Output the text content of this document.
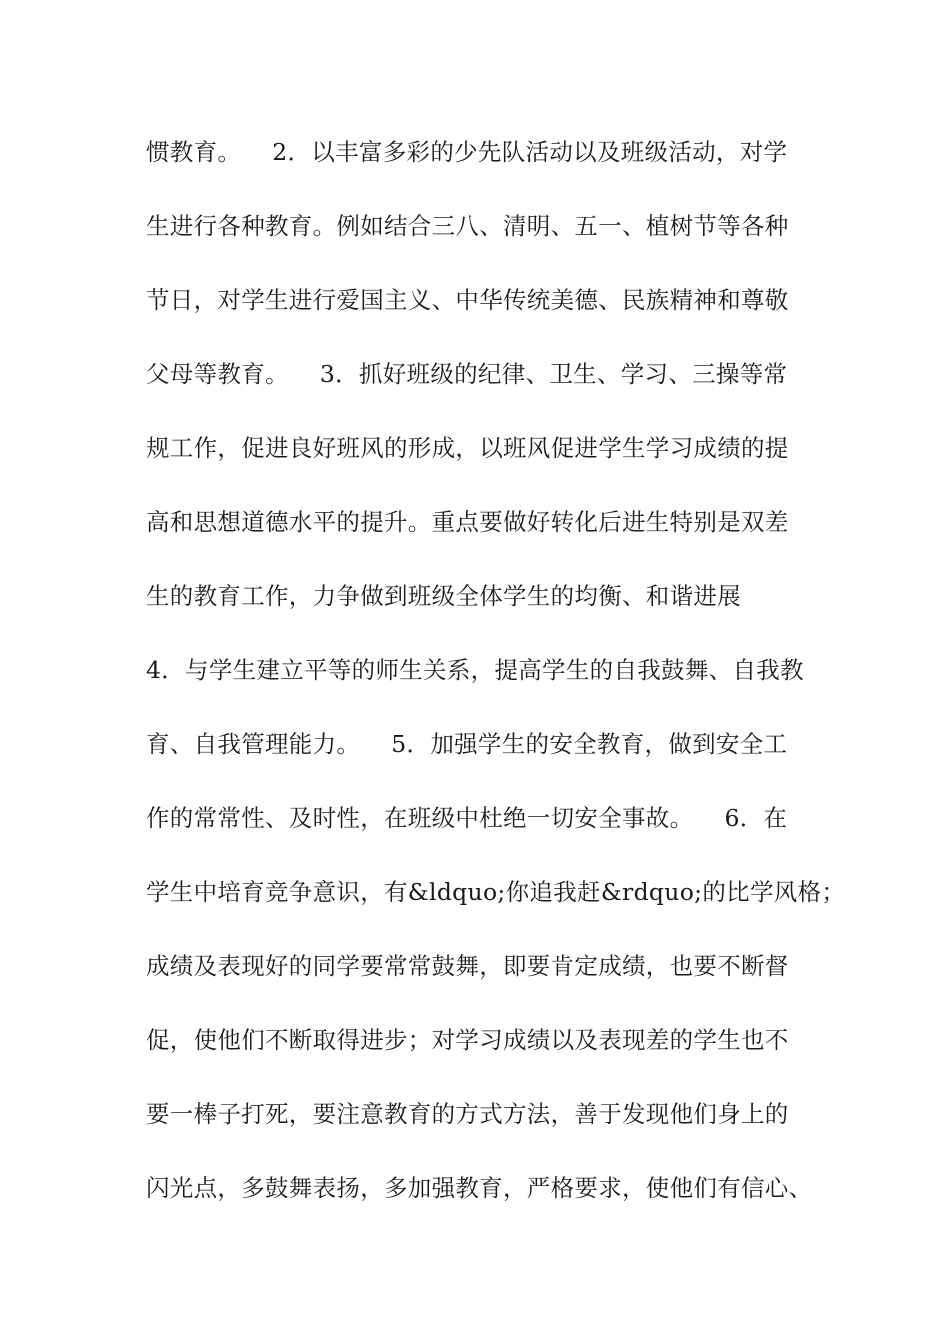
惯教育。    2．以丰富多彩的少先队活动以及班级活动，对学
生进行各种教育。例如结合三八、清明、五一、植树节等各种
节日，对学生进行爱国主义、中华传统美德、民族精神和尊敬
父母等教育。    3．抓好班级的纪律、卫生、学习、三操等常
规工作，促进良好班风的形成，以班风促进学生学习成绩的提
高和思想道德水平的提升。重点要做好转化后进生特别是双差
生的教育工作，力争做到班级全体学生的均衡、和谐进展
4．与学生建立平等的师生关系，提高学生的自我鼓舞、自我教
育、自我管理能力。    5．加强学生的安全教育，做到安全工
作的常常性、及时性，在班级中杜绝一切安全事故。    6．在
学生中培育竞争意识，有&ldquo;你追我赶&rdquo;的比学风格；
成绩及表现好的同学要常常鼓舞，即要肯定成绩，也要不断督
促，使他们不断取得进步；对学习成绩以及表现差的学生也不
要一棒子打死，要注意教育的方式方法，善于发现他们身上的
闪光点，多鼓舞表扬，多加强教育，严格要求，使他们有信心、
